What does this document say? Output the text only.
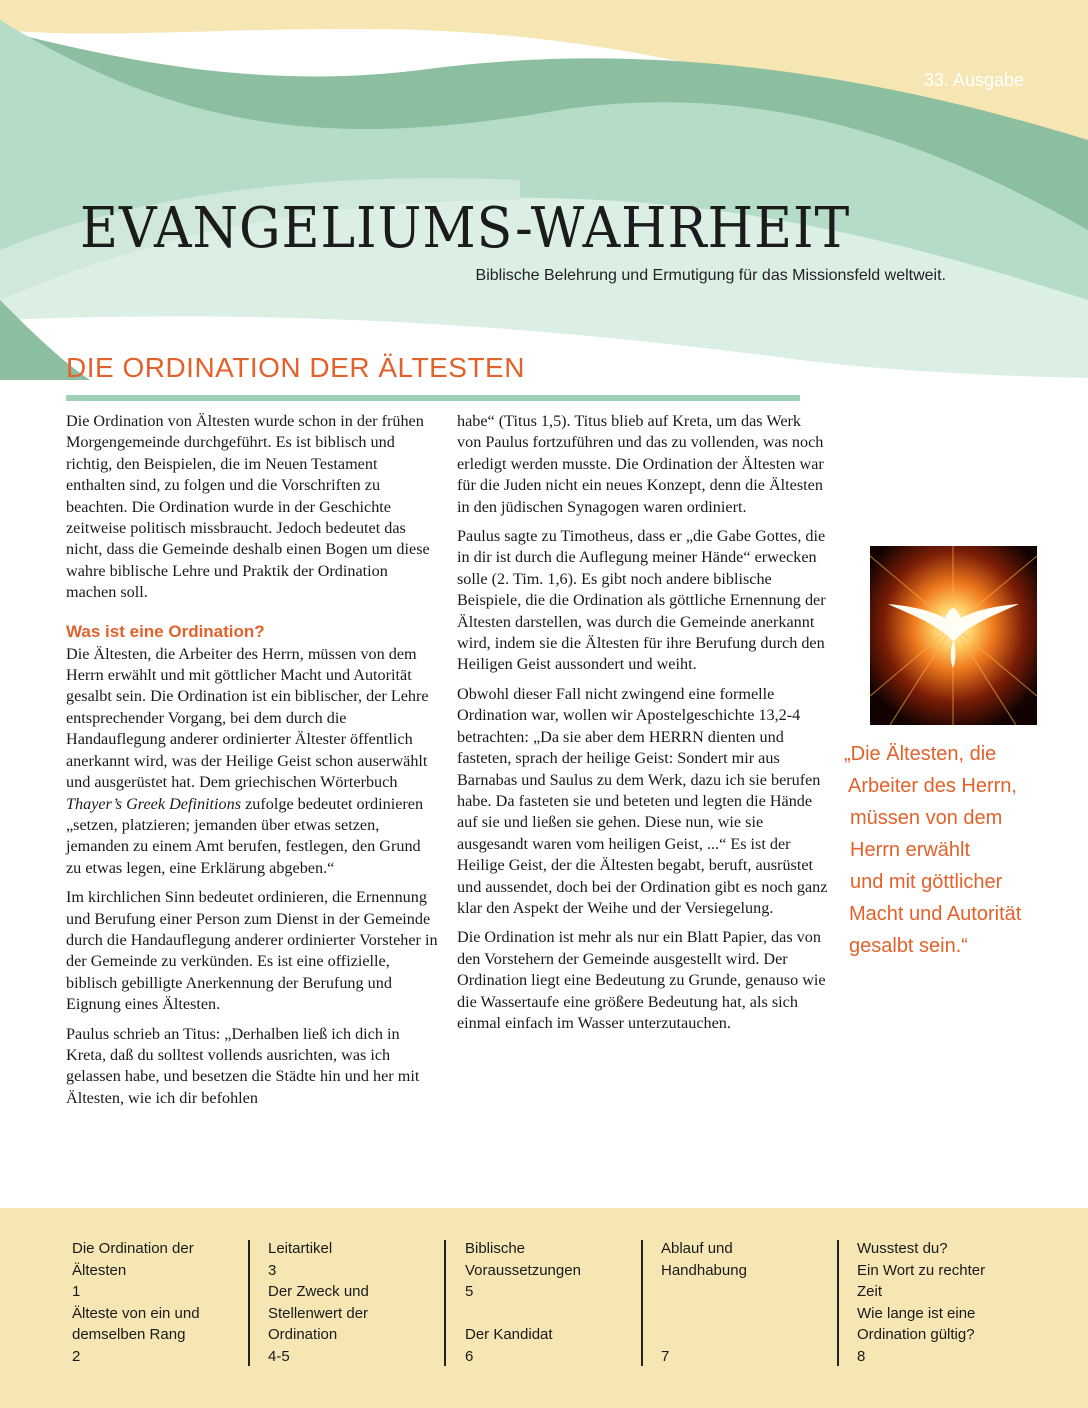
33. Ausgabe
EVANGELIUMS-WAHRHEIT
Biblische Belehrung und Ermutigung für das Missionsfeld weltweit.
DIE ORDINATION DER ÄLTESTEN

Die Ordination von Ältesten wurde schon in der frühen Morgengemeinde durchgeführt. Es ist biblisch und richtig, den Beispielen, die im Neuen Testament enthalten sind, zu folgen und die Vorschriften zu beachten. Die Ordination wurde in der Geschichte zeitweise politisch missbraucht. Jedoch bedeutet das nicht, dass die Gemeinde deshalb einen Bogen um diese wahre biblische Lehre und Praktik der Ordination machen soll.

Was ist eine Ordination?

Die Ältesten, die Arbeiter des Herrn, müssen von dem Herrn erwählt und mit göttlicher Macht und Autorität gesalbt sein. Die Ordination ist ein biblischer, der Lehre entsprechender Vorgang, bei dem durch die Handauflegung anderer ordinierter Ältester öffentlich anerkannt wird, was der Heilige Geist schon auserwählt und ausgerüstet hat. Dem griechischen Wörterbuch Thayer’s Greek Definitions zufolge bedeutet ordinieren „setzen, platzieren; jemanden über etwas setzen, jemanden zu einem Amt berufen, festlegen, den Grund zu etwas legen, eine Erklärung abgeben.“

Im kirchlichen Sinn bedeutet ordinieren, die Ernennung und Berufung einer Person zum Dienst in der Gemeinde durch die Handauflegung anderer ordinierter Vorsteher in der Gemeinde zu verkünden. Es ist eine offizielle, biblisch gebilligte Anerkennung der Berufung und Eignung eines Ältesten.

Paulus schrieb an Titus: „Derhalben ließ ich dich in Kreta, daß du solltest vollends ausrichten, was ich gelassen habe, und besetzen die Städte hin und her mit Ältesten, wie ich dir befohlen

habe“ (Titus 1,5). Titus blieb auf Kreta, um das Werk von Paulus fortzuführen und das zu vollenden, was noch erledigt werden musste. Die Ordination der Ältesten war für die Juden nicht ein neues Konzept, denn die Ältesten in den jüdischen Synagogen waren ordiniert.

Paulus sagte zu Timotheus, dass er „die Gabe Gottes, die in dir ist durch die Auflegung meiner Hände“ erwecken solle (2. Tim. 1,6). Es gibt noch andere biblische Beispiele, die die Ordination als göttliche Ernennung der Ältesten darstellen, was durch die Gemeinde anerkannt wird, indem sie die Ältesten für ihre Berufung durch den Heiligen Geist aussondert und weiht.

Obwohl dieser Fall nicht zwingend eine formelle Ordination war, wollen wir Apostelgeschichte 13,2-4 betrachten: „Da sie aber dem HERRN dienten und fasteten, sprach der heilige Geist: Sondert mir aus Barnabas und Saulus zu dem Werk, dazu ich sie berufen habe. Da fasteten sie und beteten und legten die Hände auf sie und ließen sie gehen. Diese nun, wie sie ausgesandt waren vom heiligen Geist, ...“ Es ist der Heilige Geist, der die Ältesten begabt, beruft, ausrüstet und aussendet, doch bei der Ordination gibt es noch ganz klar den Aspekt der Weihe und der Versiegelung.

Die Ordination ist mehr als nur ein Blatt Papier, das von den Vorstehern der Gemeinde ausgestellt wird. Der Ordination liegt eine Bedeutung zu Grunde, genauso wie die Wassertaufe eine größere Bedeutung hat, als sich einmal einfach im Wasser unterzutauchen.

„Die Ältesten, die
Arbeiter des Herrn,
müssen von dem
Herrn erwählt
und mit göttlicher
Macht und Autorität
gesalbt sein.“
Die Ordination der
Ältesten
1
Älteste von ein und
demselben Rang
2
Leitartikel
3
Der Zweck und
Stellenwert der
Ordination
4-5
Biblische
Voraussetzungen
5
Der Kandidat
6
Ablauf und
Handhabung
7
Wusstest du?
Ein Wort zu rechter
Zeit
Wie lange ist eine
Ordination gültig?
8
